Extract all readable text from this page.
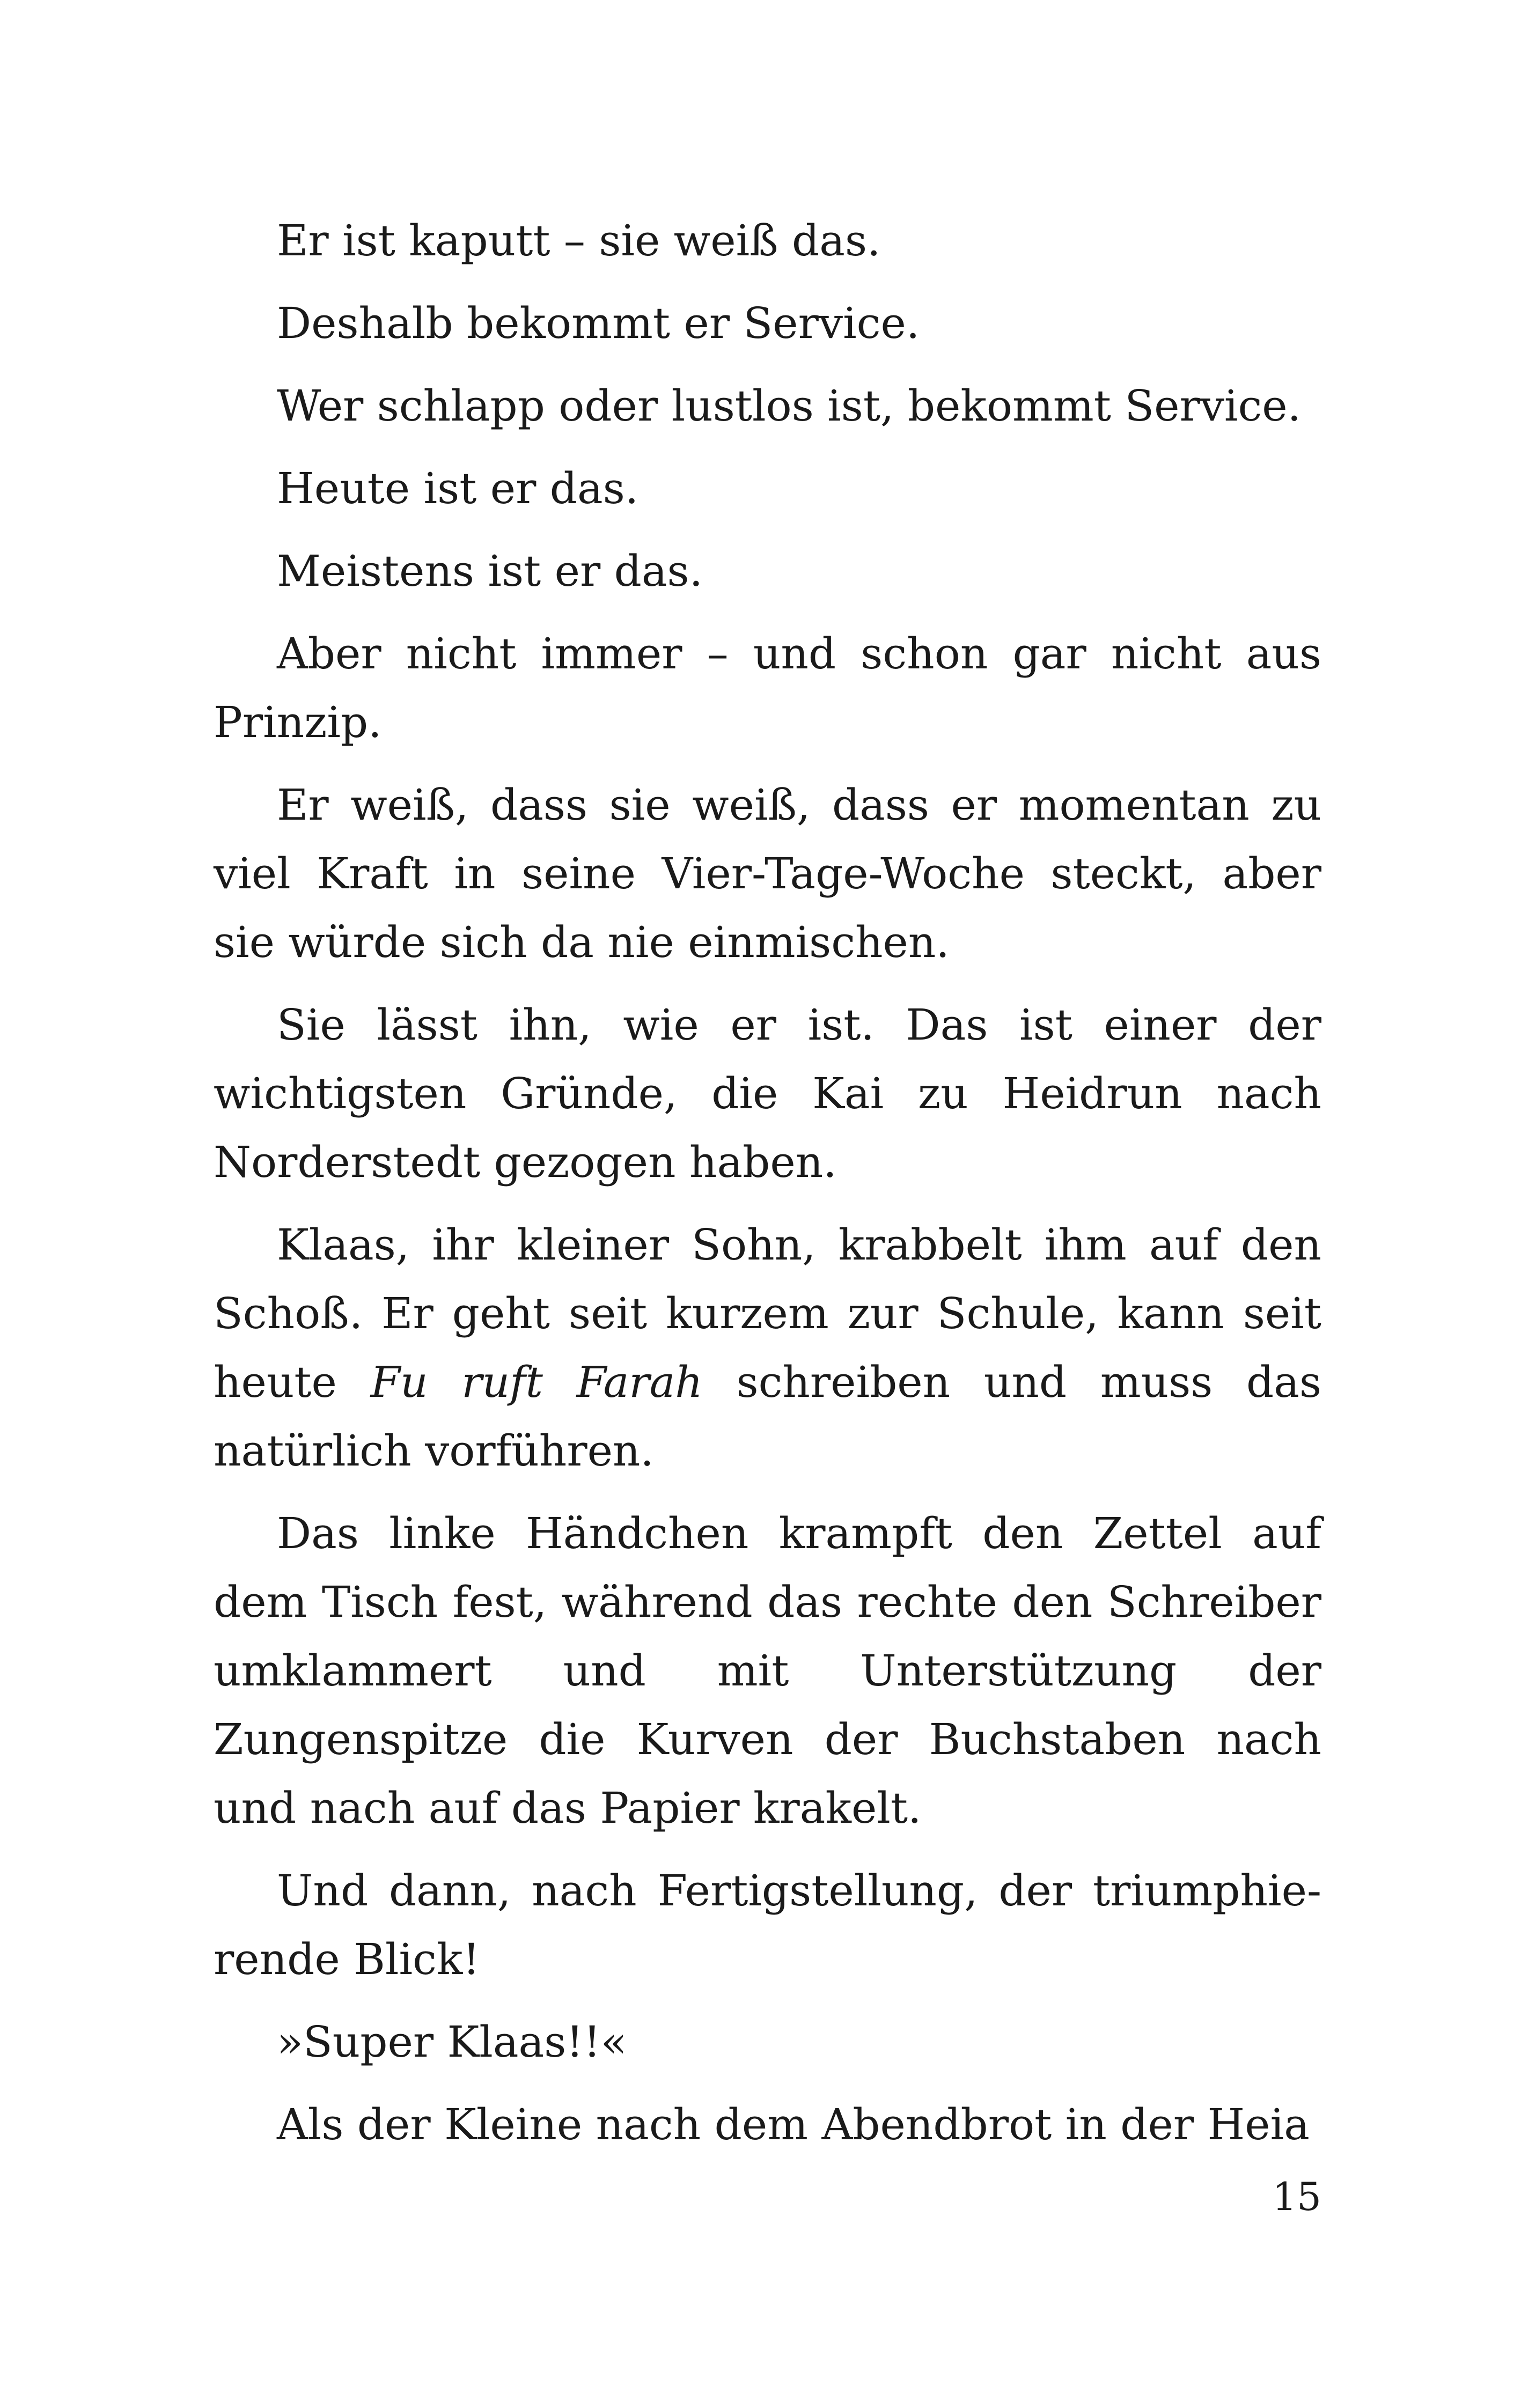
Er ist kaputt – sie weiß das.

Deshalb bekommt er Service.

Wer schlapp oder lustlos ist, bekommt Service.

Heute ist er das.

Meistens ist er das.

Aber nicht immer – und schon gar nicht aus Prinzip.

Er weiß, dass sie weiß, dass er momentan zu viel Kraft in seine Vier-Tage-Woche steckt, aber sie würde sich da nie einmischen.

Sie lässt ihn, wie er ist. Das ist einer der wichtigsten Gründe, die Kai zu Heidrun nach Norderstedt gezogen haben.

Klaas, ihr kleiner Sohn, krabbelt ihm auf den Schoß. Er geht seit kurzem zur Schule, kann seit heute Fu ruft Farah schreiben und muss das natürlich vorführen.

Das linke Händchen krampft den Zettel auf dem Tisch fest, während das rechte den Schreiber umklammert und mit Unterstützung der Zungenspitze die Kurven der Buchstaben nach und nach auf das Papier krakelt.

Und dann, nach Fertigstellung, der triumphierende Blick!

»Super Klaas!!«

Als der Kleine nach dem Abendbrot in der Heia

15
